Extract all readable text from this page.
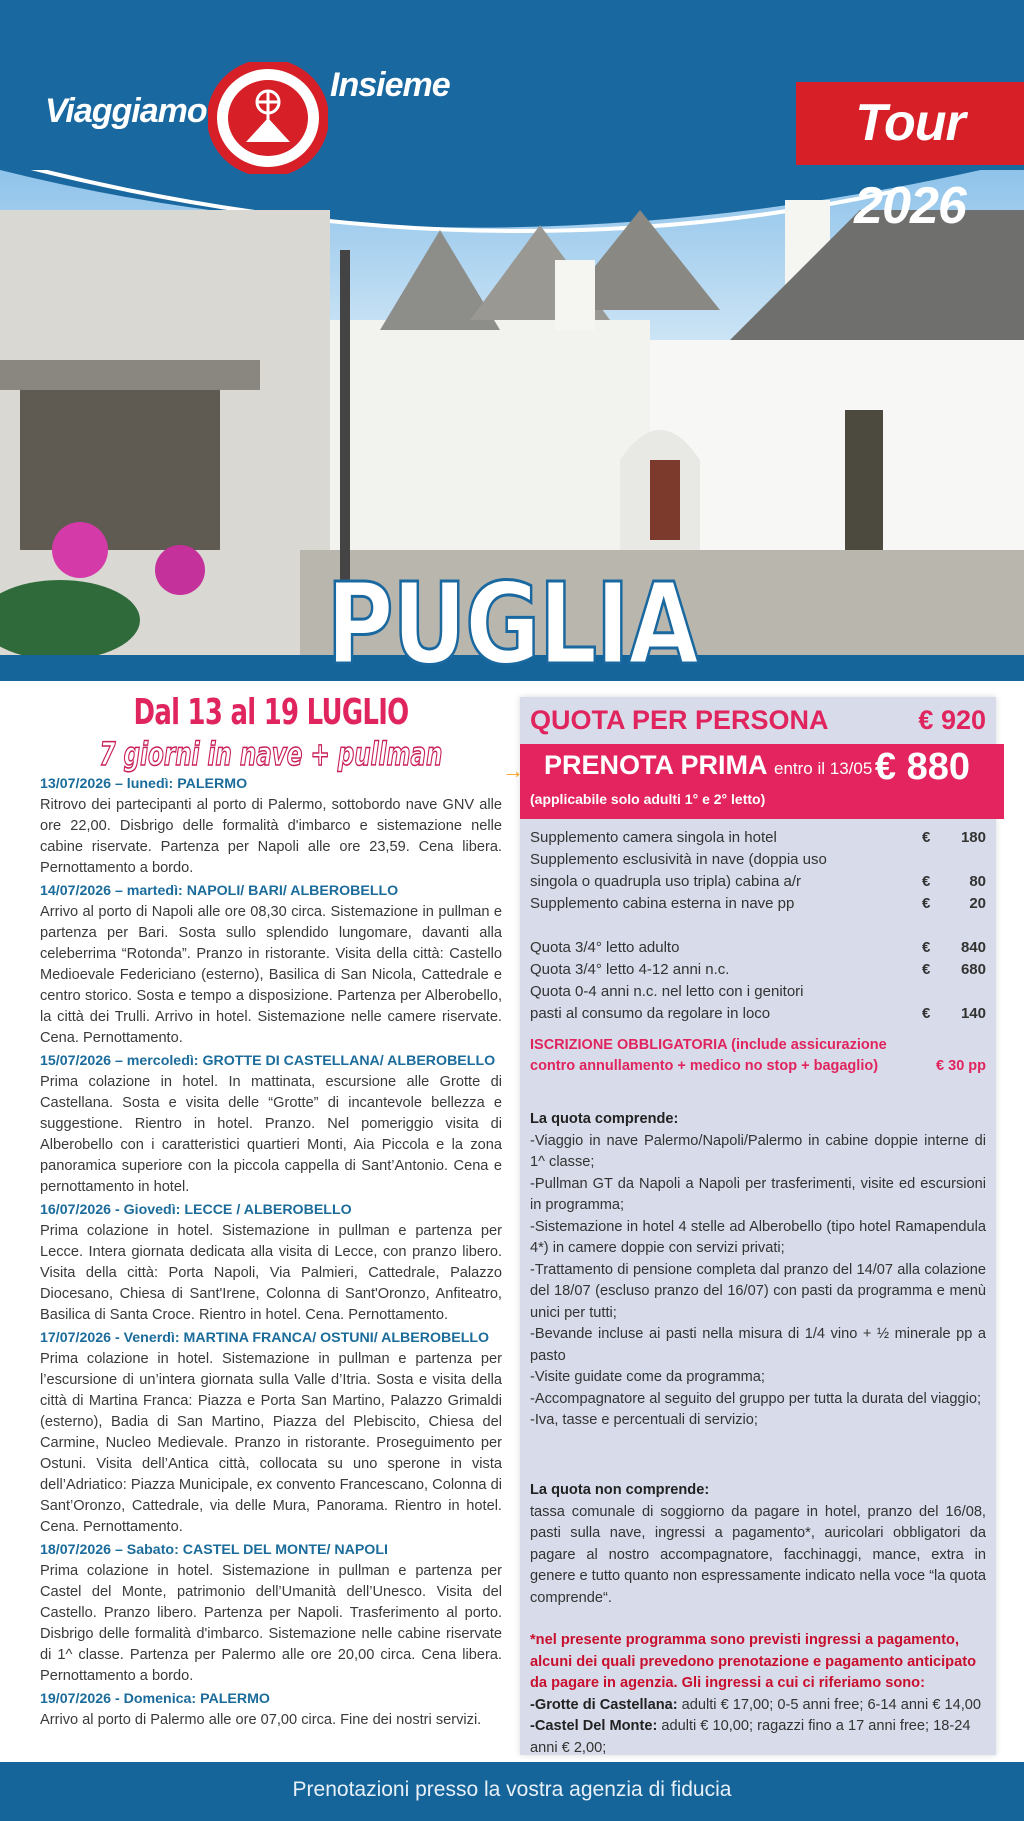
Viaggiamo
Insieme
Tour 2026
PUGLIA
Dal 13 al 19 LUGLIO
7 giorni in nave + pullman
13/07/2026 – lunedì: PALERMO
Ritrovo dei partecipanti al porto di Palermo, sottobordo nave GNV alle ore 22,00. Disbrigo delle formalità d'imbarco e sistemazione nelle cabine riservate. Partenza per Napoli alle ore 23,59. Cena libera. Pernottamento a bordo.
14/07/2026 – martedì: NAPOLI/ BARI/ ALBEROBELLO
Arrivo al porto di Napoli alle ore 08,30 circa. Sistemazione in pullman e partenza per Bari. Sosta sullo splendido lungomare, davanti alla celeberrima “Rotonda”. Pranzo in ristorante. Visita della città: Castello Medioevale Federiciano (esterno), Basilica di San Nicola, Cattedrale e centro storico. Sosta e tempo a disposizione. Partenza per Alberobello, la città dei Trulli. Arrivo in hotel. Sistemazione nelle camere riservate. Cena. Pernottamento.
15/07/2026 – mercoledì: GROTTE DI CASTELLANA/ ALBEROBELLO
Prima colazione in hotel. In mattinata, escursione alle Grotte di Castellana. Sosta e visita delle “Grotte” di incantevole bellezza e suggestione. Rientro in hotel. Pranzo. Nel pomeriggio visita di Alberobello con i caratteristici quartieri Monti, Aia Piccola e la zona panoramica superiore con la piccola cappella di Sant’Antonio. Cena e pernottamento in hotel.
16/07/2026 - Giovedì: LECCE / ALBEROBELLO
Prima colazione in hotel. Sistemazione in pullman e partenza per Lecce. Intera giornata dedicata alla visita di Lecce, con pranzo libero. Visita della città: Porta Napoli, Via Palmieri, Cattedrale, Palazzo Diocesano, Chiesa di Sant'Irene, Colonna di Sant'Oronzo, Anfiteatro, Basilica di Santa Croce. Rientro in hotel. Cena. Pernottamento.
17/07/2026 - Venerdì: MARTINA FRANCA/ OSTUNI/ ALBEROBELLO
Prima colazione in hotel. Sistemazione in pullman e partenza per l’escursione di un’intera giornata sulla Valle d’Itria. Sosta e visita della città di Martina Franca: Piazza e Porta San Martino, Palazzo Grimaldi (esterno), Badia di San Martino, Piazza del Plebiscito, Chiesa del Carmine, Nucleo Medievale. Pranzo in ristorante. Proseguimento per Ostuni. Visita dell’Antica città, collocata su uno sperone in vista dell’Adriatico: Piazza Municipale, ex convento Francescano, Colonna di Sant’Oronzo, Cattedrale, via delle Mura, Panorama. Rientro in hotel. Cena. Pernottamento.
18/07/2026 – Sabato: CASTEL DEL MONTE/ NAPOLI
Prima colazione in hotel. Sistemazione in pullman e partenza per Castel del Monte, patrimonio dell’Umanità dell’Unesco. Visita del Castello. Pranzo libero. Partenza per Napoli. Trasferimento al porto. Disbrigo delle formalità d'imbarco. Sistemazione nelle cabine riservate di 1^ classe. Partenza per Palermo alle ore 20,00 circa. Cena libera. Pernottamento a bordo.
19/07/2026 - Domenica: PALERMO
Arrivo al porto di Palermo alle ore 07,00 circa. Fine dei nostri servizi.
QUOTA PER PERSONA	€ 920
→ PRENOTA PRIMA entro il 13/05 € 880
(applicabile solo adulti 1° e 2° letto)
Supplemento camera singola in hotel	€ 180
Supplemento esclusività in nave (doppia uso
singola o quadrupla uso tripla) cabina a/r	€	80
Supplemento cabina esterna in nave pp	€	20
Quota 3/4° letto adulto	€ 840
Quota 3/4° letto 4-12 anni n.c.	€ 680
Quota 0-4 anni n.c. nel letto con i genitori
pasti al consumo da regolare in loco	€ 140
ISCRIZIONE OBBLIGATORIA (include assicurazione
contro annullamento + medico no stop + bagaglio)	€ 30 pp
La quota comprende:
-Viaggio in nave Palermo/Napoli/Palermo in cabine doppie interne di 1^ classe;
-Pullman GT da Napoli a Napoli per trasferimenti, visite ed escursioni in programma;
-Sistemazione in hotel 4 stelle ad Alberobello (tipo hotel Ramapendula 4*) in camere doppie con servizi privati;
-Trattamento di pensione completa dal pranzo del 14/07 alla colazione del 18/07 (escluso pranzo del 16/07) con pasti da programma e menù unici per tutti;
-Bevande incluse ai pasti nella misura di 1/4 vino + ½ minerale pp a pasto
-Visite guidate come da programma;
-Accompagnatore al seguito del gruppo per tutta la durata del viaggio;
-Iva, tasse e percentuali di servizio;
La quota non comprende:
tassa comunale di soggiorno da pagare in hotel, pranzo del 16/08, pasti sulla nave, ingressi a pagamento*, auricolari obbligatori da pagare al nostro accompagnatore, facchinaggi, mance, extra in genere e tutto quanto non espressamente indicato nella voce “la quota comprende“.
*nel presente programma sono previsti ingressi a pagamento, alcuni dei quali prevedono prenotazione e pagamento anticipato da pagare in agenzia. Gli ingressi a cui ci riferiamo sono:
-Grotte di Castellana: adulti € 17,00; 0-5 anni free; 6-14 anni € 14,00
-Castel Del Monte: adulti € 10,00; ragazzi fino a 17 anni free; 18-24 anni € 2,00;
Prenotazioni presso la vostra agenzia di fiducia
